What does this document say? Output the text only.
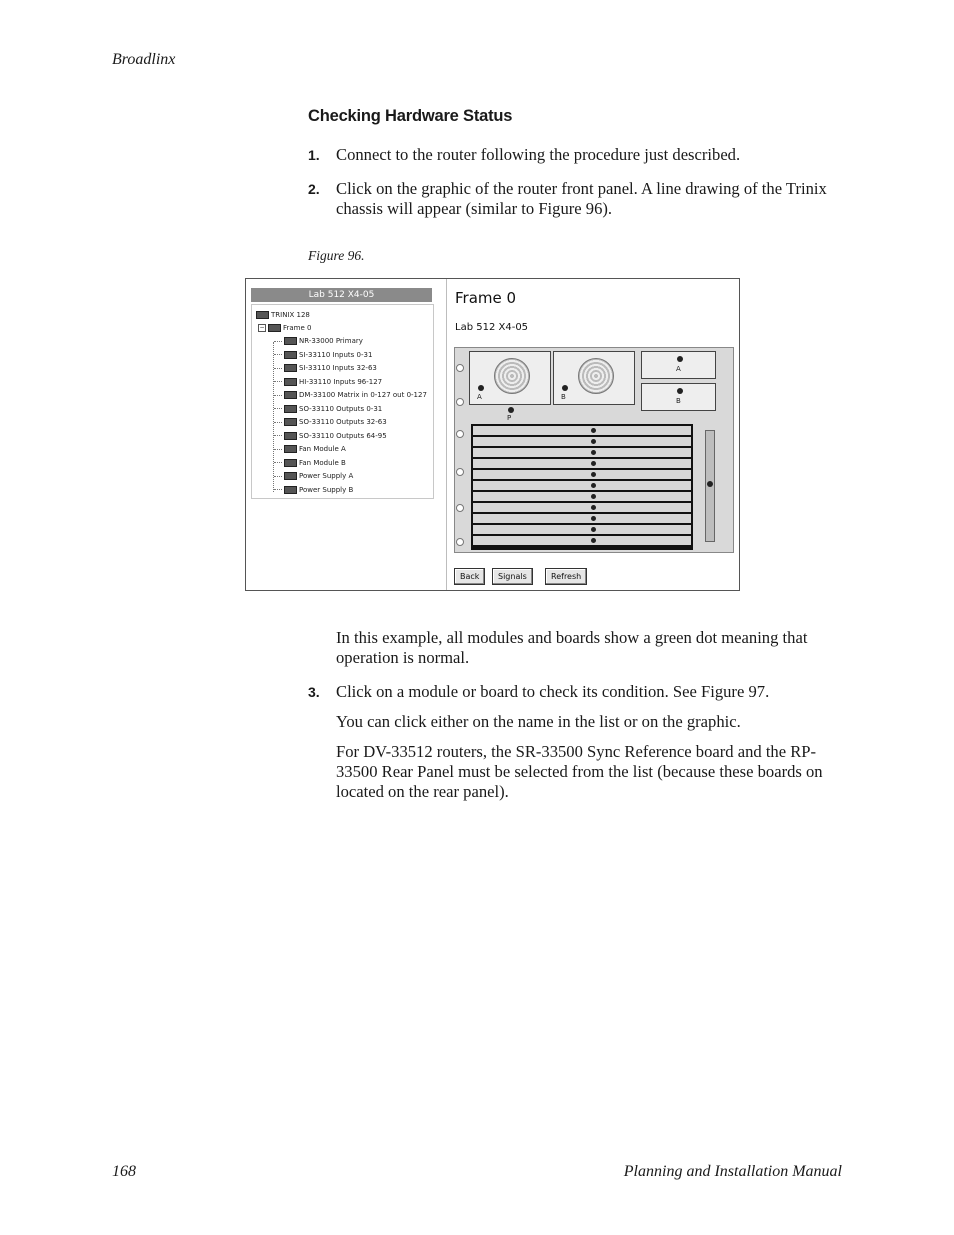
Broadlinx
Checking Hardware Status
1. Connect to the router following the procedure just described.
2. Click on the graphic of the router front panel. A line drawing of the Trinix chassis will appear (similar to Figure 96).
Figure 96.
Lab 512 X4-05
TRINIX 128
−	Frame 0
NR-33000 Primary
SI-33110 Inputs 0-31
SI-33110 Inputs 32-63
HI-33110 Inputs 96-127
DM-33100 Matrix in 0-127 out 0-127
SO-33110 Outputs 0-31
SO-33110 Outputs 32-63
SO-33110 Outputs 64-95
Fan Module A
Fan Module B
Power Supply A
Power Supply B
Frame 0
Lab 512 X4-05
A	B
A
B
P
Back	Signals	Refresh
In this example, all modules and boards show a green dot meaning that operation is normal.
3. Click on a module or board to check its condition. See Figure 97.
You can click either on the name in the list or on the graphic.
For DV-33512 routers, the SR-33500 Sync Reference board and the RP-33500 Rear Panel must be selected from the list (because these boards on located on the rear panel).
168	Planning and Installation Manual
